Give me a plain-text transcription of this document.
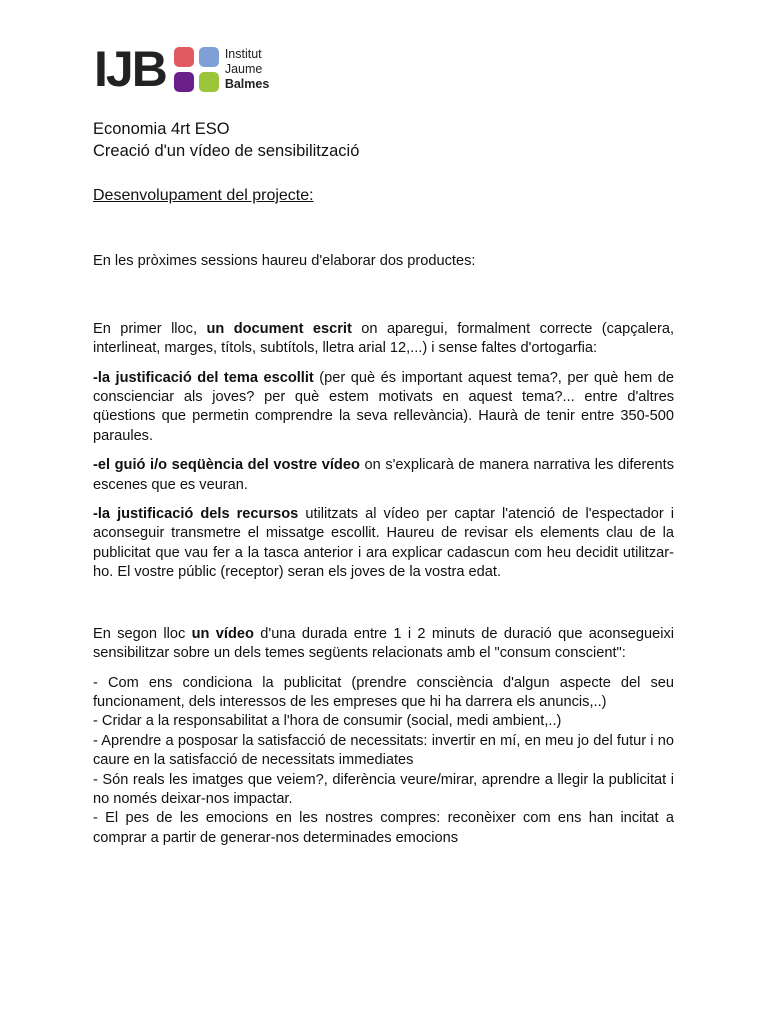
IJB	Institut
Jaume
Balmes
Economia 4rt ESO
Creació d'un vídeo de sensibilització
Desenvolupament del projecte:

En les pròximes sessions haureu d'elaborar dos productes:

En primer lloc, un document escrit on aparegui, formalment correcte (capçalera, interlineat, marges, títols, subtítols, lletra arial 12,...) i sense faltes d'ortogarfia:

-la justificació del tema escollit (per què és important aquest tema?, per què hem de conscienciar als joves? per què estem motivats en aquest tema?... entre d'altres qüestions que permetin comprendre la seva rellevància). Haurà de tenir entre 350-500 paraules.

-el guió i/o seqüència del vostre vídeo on s'explicarà de manera narrativa les diferents escenes que es veuran.

-la justificació dels recursos utilitzats al vídeo per captar l'atenció de l'espectador i aconseguir transmetre el missatge escollit. Haureu de revisar els elements clau de la publicitat que vau fer a la tasca anterior i ara explicar cadascun com heu decidit utilitzar-ho. El vostre públic (receptor) seran els joves de la vostra edat.

En segon lloc un vídeo d'una durada entre 1 i 2 minuts de duració que aconsegueixi sensibilitzar sobre un dels temes següents relacionats amb el "consum conscient":

- Com ens condiciona la publicitat (prendre consciència d'algun aspecte del seu funcionament, dels interessos de les empreses que hi ha darrera els anuncis,..)

- Cridar a la responsabilitat a l'hora de consumir (social, medi ambient,..)

- Aprendre a posposar la satisfacció de necessitats: invertir en mí, en meu jo del futur i no caure en la satisfacció de necessitats immediates

- Són reals les imatges que veiem?, diferència veure/mirar, aprendre a llegir la publicitat i no només deixar-nos impactar.

- El pes de les emocions en les nostres compres: reconèixer com ens han incitat a comprar a partir de generar-nos determinades emocions
